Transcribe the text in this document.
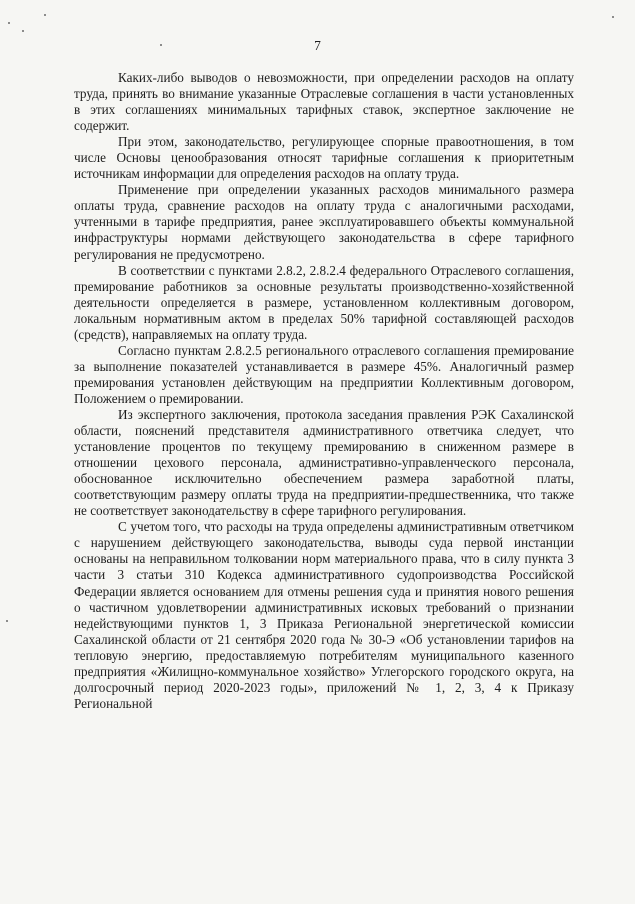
7

Каких-либо выводов о невозможности, при определении расходов на оплату труда, принять во внимание указанные Отраслевые соглашения в части установленных в этих соглашениях минимальных тарифных ставок, экспертное заключение не содержит.

При этом, законодательство, регулирующее спорные правоотношения, в том числе Основы ценообразования относят тарифные соглашения к приоритетным источникам информации для определения расходов на оплату труда.

Применение при определении указанных расходов минимального размера оплаты труда, сравнение расходов на оплату труда с аналогичными расходами, учтенными в тарифе предприятия, ранее эксплуатировавшего объекты коммунальной инфраструктуры нормами действующего законодательства в сфере тарифного регулирования не предусмотрено.

В соответствии с пунктами 2.8.2, 2.8.2.4 федерального Отраслевого соглашения, премирование работников за основные результаты производственно-хозяйственной деятельности определяется в размере, установленном коллективным договором, локальным нормативным актом в пределах 50% тарифной составляющей расходов (средств), направляемых на оплату труда.

Согласно пунктам 2.8.2.5 регионального отраслевого соглашения премирование за выполнение показателей устанавливается в размере 45%. Аналогичный размер премирования установлен действующим на предприятии Коллективным договором, Положением о премировании.

Из экспертного заключения, протокола заседания правления РЭК Сахалинской области, пояснений представителя административного ответчика следует, что установление процентов по текущему премированию в сниженном размере в отношении цехового персонала, административно-управленческого персонала, обоснованное исключительно обеспечением размера заработной платы, соответствующим размеру оплаты труда на предприятии-предшественника, что также не соответствует законодательству в сфере тарифного регулирования.

С учетом того, что расходы на труда определены административным ответчиком с нарушением действующего законодательства, выводы суда первой инстанции основаны на неправильном толковании норм материального права, что в силу пункта 3 части 3 статьи 310 Кодекса административного судопроизводства Российской Федерации является основанием для отмены решения суда и принятия нового решения о частичном удовлетворении административных исковых требований о признании недействующими пунктов 1, 3 Приказа Региональной энергетической комиссии Сахалинской области от 21 сентября 2020 года № 30-Э «Об установлении тарифов на тепловую энергию, предоставляемую потребителям муниципального казенного предприятия «Жилищно-коммунальное хозяйство» Углегорского городского округа, на долгосрочный период 2020-2023 годы», приложений № 1, 2, 3, 4 к Приказу Региональной
